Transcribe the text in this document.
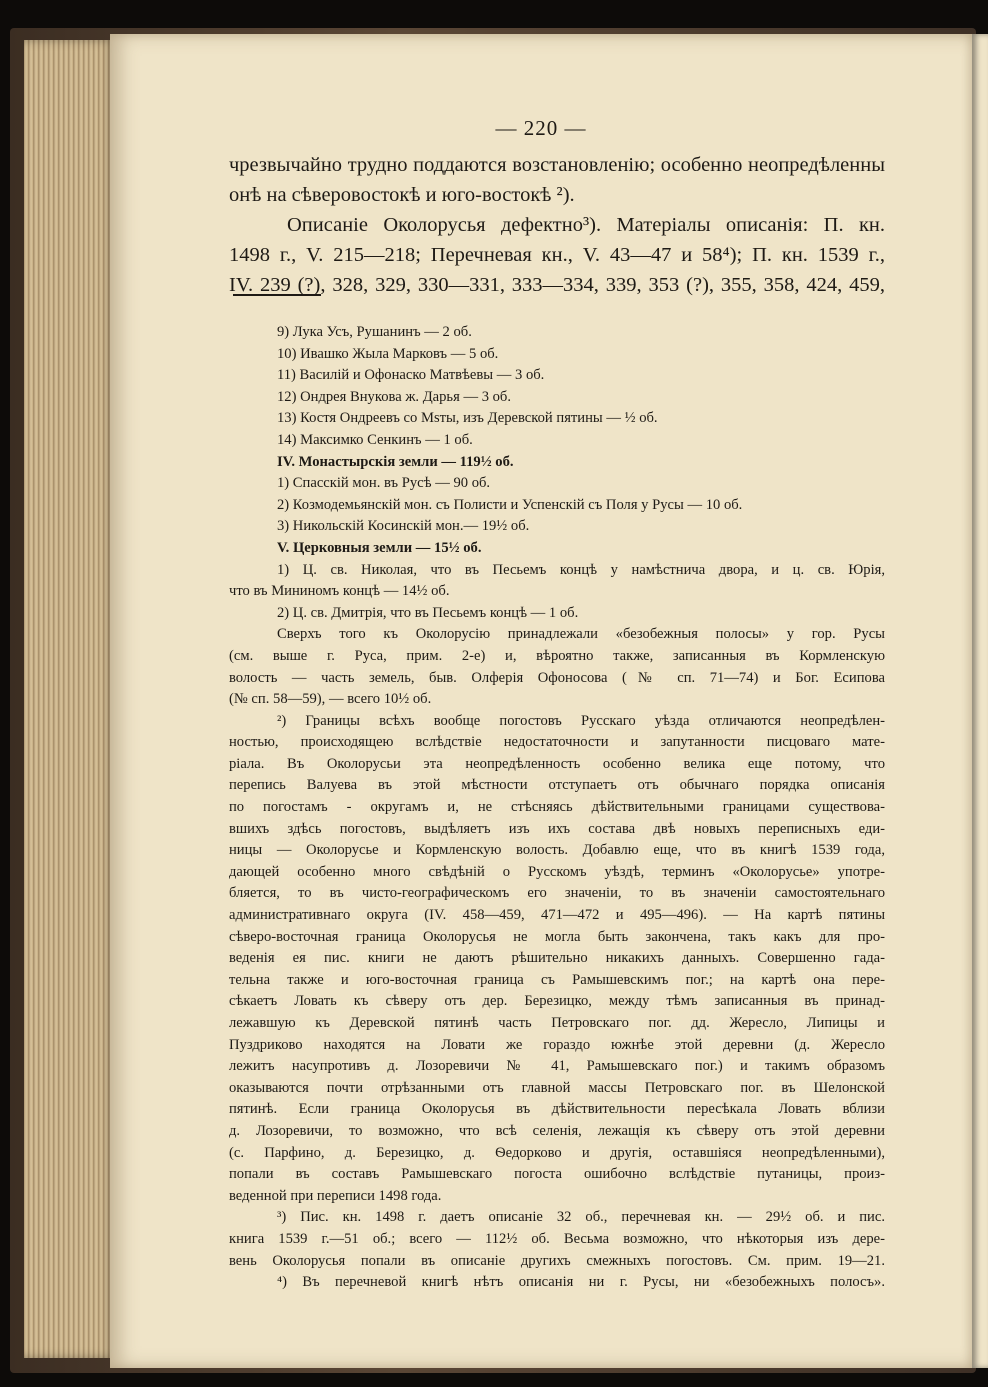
— 220 —
чрезвычайно трудно поддаются возстановленію; особенно неопредѣленны
онѣ на сѣверовостокѣ и юго-востокѣ ²).
Описаніе Околорусья дефектно³). Матеріалы описанія: П. кн.
1498 г., V. 215—218; Перечневая кн., V. 43—47 и 58⁴); П. кн. 1539 г.,
IV. 239 (?), 328, 329, 330—331, 333—334, 339, 353 (?), 355, 358, 424, 459,
9) Лука Усъ, Рушанинъ — 2 об.
10) Ивашко Жыла Марковъ — 5 об.
11) Василій и Офонаско Матвѣевы — 3 об.
12) Ондрея Внукова ж. Дарья — 3 об.
13) Костя Ондреевъ со Msты, изъ Деревской пятины — ½ об.
14) Максимко Сенкинъ — 1 об.
IV. Монастырскія земли — 119½ об.
1) Спасскій мон. въ Русѣ — 90 об.
2) Козмодемьянскій мон. съ Полисти и Успенскій съ Поля у Русы — 10 об.
3) Никольскій Косинскій мон.— 19½ об.
V. Церковныя земли — 15½ об.
1) Ц. св. Николая, что въ Песьемъ концѣ у намѣстнича двора, и ц. св. Юрія,
что въ Мининомъ концѣ — 14½ об.
2) Ц. св. Дмитрія, что въ Песьемъ концѣ — 1 об.
Сверхъ того къ Околорусію принадлежали «безобежныя полосы» у гор. Русы
(см. выше г. Руса, прим. 2-е) и, вѣроятно также, записанныя въ Кормленскую
волость — часть земель, быв. Олферія Офоносова (№ сп. 71—74) и Бог. Есипова
(№ сп. 58—59), — всего 10½ об.
²) Границы всѣхъ вообще погостовъ Русскаго уѣзда отличаются неопредѣлен-
ностью, происходящею вслѣдствіе недостаточности и запутанности писцоваго мате-
ріала. Въ Околорусьи эта неопредѣленность особенно велика еще потому, что
перепись Валуева въ этой мѣстности отступаетъ отъ обычнаго порядка описанія
по погостамъ - округамъ и, не стѣсняясь дѣйствительными границами существова-
вшихъ здѣсь погостовъ, выдѣляетъ изъ ихъ состава двѣ новыхъ переписныхъ еди-
ницы — Околорусье и Кормленскую волость. Добавлю еще, что въ книгѣ 1539 года,
дающей особенно много свѣдѣній о Русскомъ уѣздѣ, терминъ «Околорусье» употре-
бляется, то въ чисто-географическомъ его значеніи, то въ значеніи самостоятельнаго
административнаго округа (IV. 458—459, 471—472 и 495—496). — На картѣ пятины
сѣверо-восточная граница Околорусья не могла быть закончена, такъ какъ для про-
веденія ея пис. книги не даютъ рѣшительно никакихъ данныхъ. Совершенно гада-
тельна также и юго-восточная граница съ Рамышевскимъ пог.; на картѣ она пере-
сѣкаетъ Ловать къ сѣверу отъ дер. Березицко, между тѣмъ записанныя въ принад-
лежавшую къ Деревской пятинѣ часть Петровскаго пог. дд. Жересло, Липицы и
Пуздриково находятся на Ловати же гораздо южнѣе этой деревни (д. Жересло
лежитъ насупротивъ д. Лозоревичи № 41, Рамышевскаго пог.) и такимъ образомъ
оказываются почти отрѣзанными отъ главной массы Петровскаго пог. въ Шелонской
пятинѣ. Если граница Околорусья въ дѣйствительности пересѣкала Ловать вблизи
д. Лозоревичи, то возможно, что всѣ селенія, лежащія къ сѣверу отъ этой деревни
(с. Парфино, д. Березицко, д. Ѳедорково и другія, оставшіяся неопредѣленными),
попали въ составъ Рамышевскаго погоста ошибочно вслѣдствіе путаницы, произ-
веденной при переписи 1498 года.
³) Пис. кн. 1498 г. даетъ описаніе 32 об., перечневая кн. — 29½ об. и пис.
книга 1539 г.—51 об.; всего — 112½ об. Весьма возможно, что нѣкоторыя изъ дере-
вень Околорусья попали въ описаніе другихъ смежныхъ погостовъ. См. прим. 19—21.
⁴) Въ перечневой книгѣ нѣтъ описанія ни г. Русы, ни «безобежныхъ полосъ».
